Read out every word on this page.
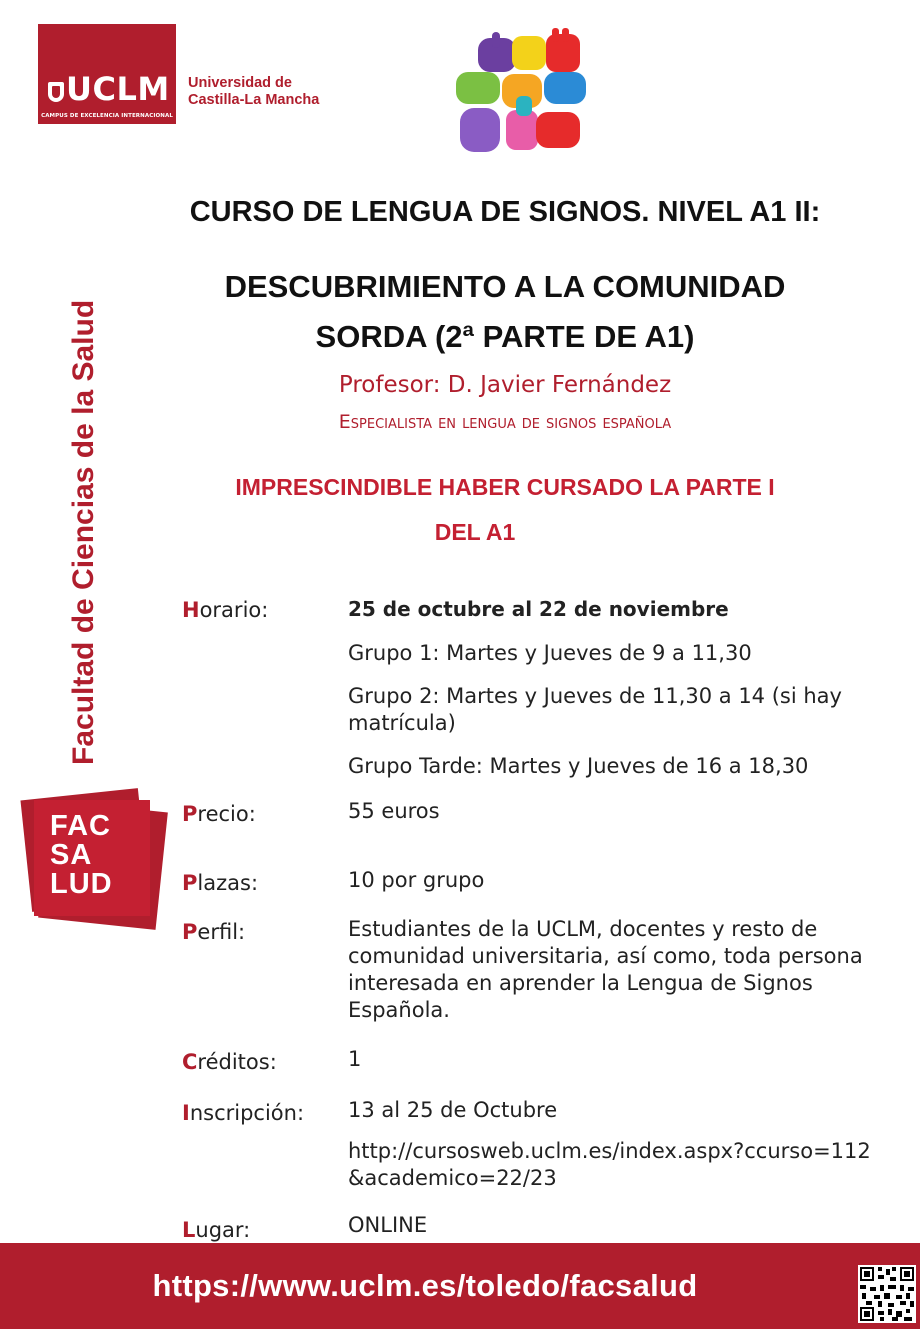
UCLM
CAMPUS DE EXCELENCIA INTERNACIONAL
Universidad de
Castilla-La Mancha
Facultad de Ciencias de la Salud
FAC
SA
LUD
CURSO DE LENGUA DE SIGNOS. NIVEL A1 II:
DESCUBRIMIENTO A LA COMUNIDAD
SORDA (2ª PARTE DE A1)
Profesor: D. Javier Fernández
Especialista en lengua de signos española
IMPRESCINDIBLE HABER CURSADO LA PARTE I
DEL A1
Horario:	25 de octubre al 22 de noviembre
Grupo 1: Martes y Jueves de 9 a 11,30
Grupo 2: Martes y Jueves de 11,30 a 14 (si hay matrícula)
Grupo Tarde: Martes y Jueves de 16 a 18,30
Precio:	55 euros
Plazas:	10 por grupo
Perfil:	Estudiantes de la UCLM, docentes y resto de comunidad universitaria, así como, toda persona interesada en aprender la Lengua de Signos Española.
Créditos:	1
Inscripción: 13 al 25 de Octubre
http://cursosweb.uclm.es/index.aspx?ccurso=112&academico=22/23
Lugar:	ONLINE
https://www.uclm.es/toledo/facsalud
